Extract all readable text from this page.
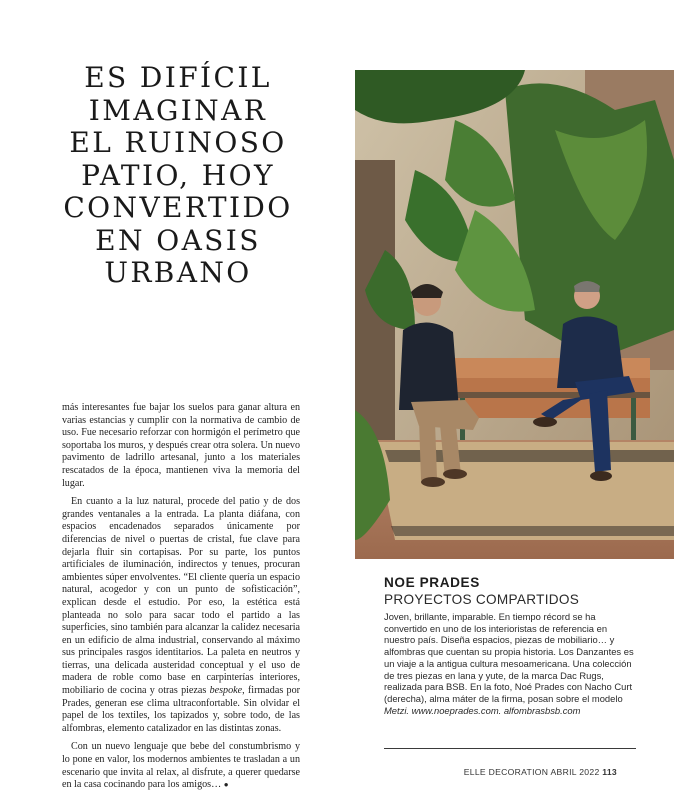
ES DIFÍCIL
IMAGINAR
EL RUINOSO
PATIO, HOY
CONVERTIDO
EN OASIS
URBANO

más interesantes fue bajar los suelos para ganar altura en varias estancias y cumplir con la normativa de cambio de uso. Fue necesario reforzar con hormigón el perímetro que soportaba los muros, y después crear otra solera. Un nuevo pavimento de ladrillo artesanal, junto a los materiales rescatados de la época, mantienen viva la memoria del lugar.

En cuanto a la luz natural, procede del patio y de dos grandes ventanales a la entrada. La planta diáfana, con espacios encadenados separados únicamente por diferencias de nivel o puertas de cristal, fue clave para dejarla fluir sin cortapisas. Por su parte, los puntos artificiales de iluminación, indirectos y tenues, procuran ambientes súper envolventes. “El cliente quería un espacio natural, acogedor y con un punto de sofisticación”, explican desde el estudio. Por eso, la estética está planteada no solo para sacar todo el partido a las superficies, sino también para alcanzar la calidez necesaria en un edificio de alma industrial, conservando al máximo sus principales rasgos identitarios. La paleta en neutros y tierras, una delicada austeridad conceptual y el uso de madera de roble como base en carpinterías interiores, mobiliario de cocina y otras piezas bespoke, firmadas por Prades, generan ese clima ultraconfortable. Sin olvidar el papel de los textiles, los tapizados y, sobre todo, de las alfombras, elemento catalizador en las distintas zonas.

Con un nuevo lenguaje que bebe del constumbrismo y lo pone en valor, los modernos ambientes te trasladan a un escenario que invita al relax, al disfrute, a querer quedarse en la casa cocinando para los amigos… ●

NOE PRADES
PROYECTOS COMPARTIDOS
Joven, brillante, imparable. En tiempo récord se ha convertido en uno de los interioristas de referencia en nuestro país. Diseña espacios, piezas de mobiliario… y alfombras que cuentan su propia historia. Los Danzantes es un viaje a la antigua cultura mesoamericana. Una colección de tres piezas en lana y yute, de la marca Dac Rugs, realizada para BSB. En la foto, Noé Prades con Nacho Curt (derecha), alma máter de la firma, posan sobre el modelo Metzi. www.noeprades.com. alfombrasbsb.com
ELLE DECORATION ABRIL 2022 113
